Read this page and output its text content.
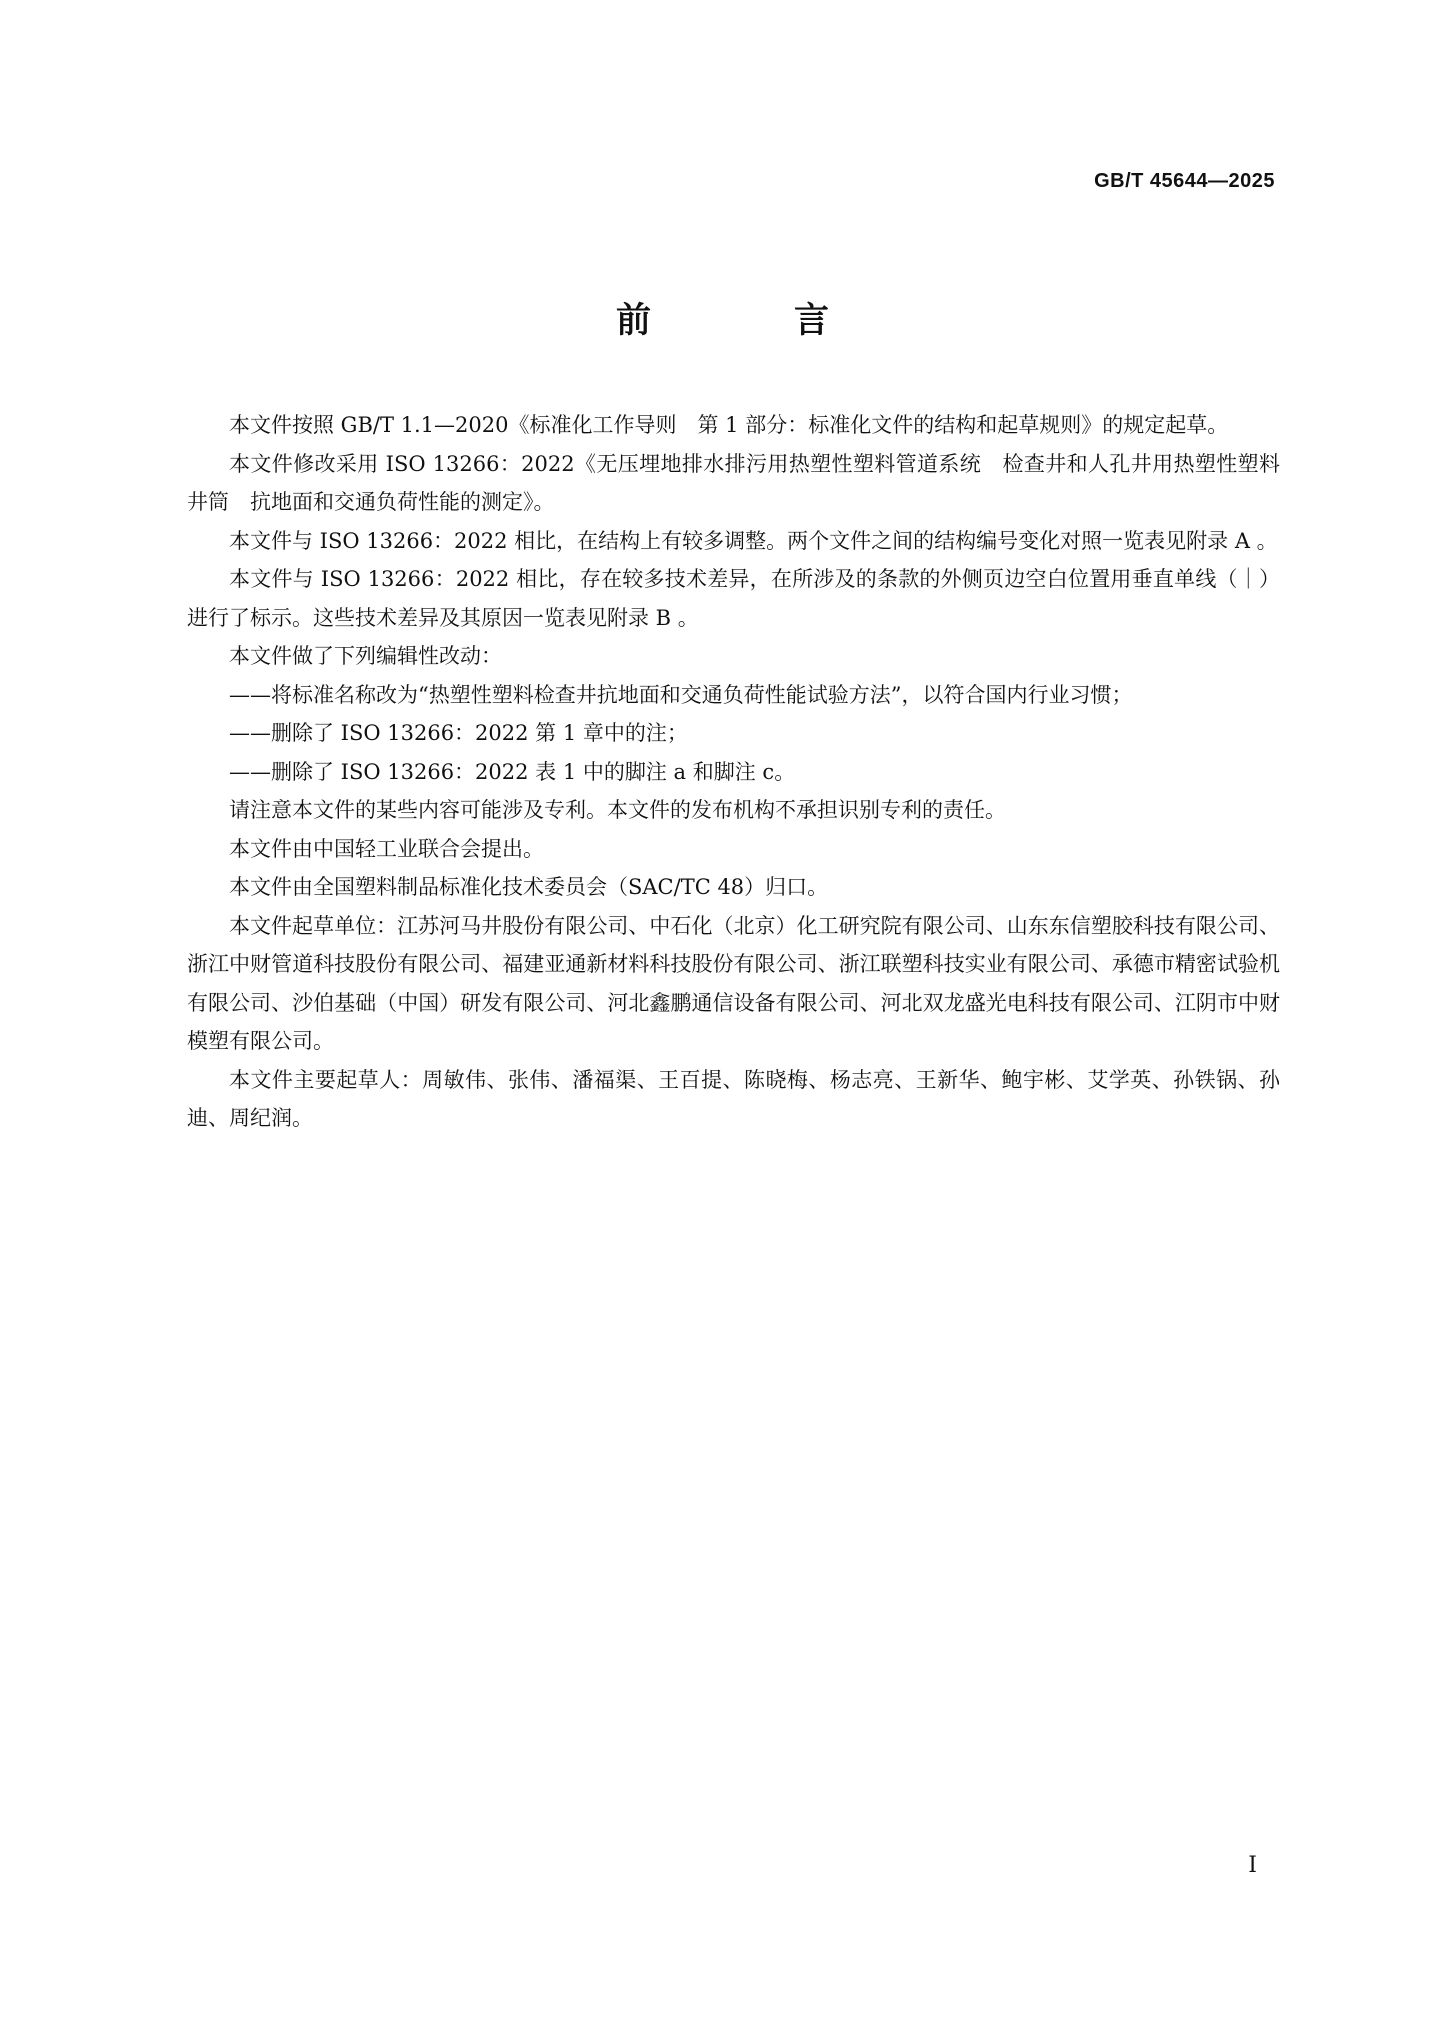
GB/T 45644—2025
前　言

本文件按照 GB/T 1.1—2020《标准化工作导则　第 1 部分：标准化文件的结构和起草规则》的规定起草。

本文件修改采用 ISO 13266：2022《无压埋地排水排污用热塑性塑料管道系统　检查井和人孔井用热塑性塑料井筒　抗地面和交通负荷性能的测定》。

本文件与 ISO 13266：2022 相比，在结构上有较多调整。两个文件之间的结构编号变化对照一览表见附录 A 。

本文件与 ISO 13266：2022 相比，存在较多技术差异，在所涉及的条款的外侧页边空白位置用垂直单线（｜）进行了标示。这些技术差异及其原因一览表见附录 B 。

本文件做了下列编辑性改动：

——将标准名称改为“热塑性塑料检查井抗地面和交通负荷性能试验方法”，以符合国内行业习惯；

——删除了 ISO 13266：2022 第 1 章中的注；

——删除了 ISO 13266：2022 表 1 中的脚注 a 和脚注 c。

请注意本文件的某些内容可能涉及专利。本文件的发布机构不承担识别专利的责任。

本文件由中国轻工业联合会提出。

本文件由全国塑料制品标准化技术委员会（SAC/TC 48）归口。

本文件起草单位：江苏河马井股份有限公司、中石化（北京）化工研究院有限公司、山东东信塑胶科技有限公司、浙江中财管道科技股份有限公司、福建亚通新材料科技股份有限公司、浙江联塑科技实业有限公司、承德市精密试验机有限公司、沙伯基础（中国）研发有限公司、河北鑫鹏通信设备有限公司、河北双龙盛光电科技有限公司、江阴市中财模塑有限公司。

本文件主要起草人：周敏伟、张伟、潘福渠、王百提、陈晓梅、杨志亮、王新华、鲍宇彬、艾学英、孙铁锅、孙迪、周纪润。

I
